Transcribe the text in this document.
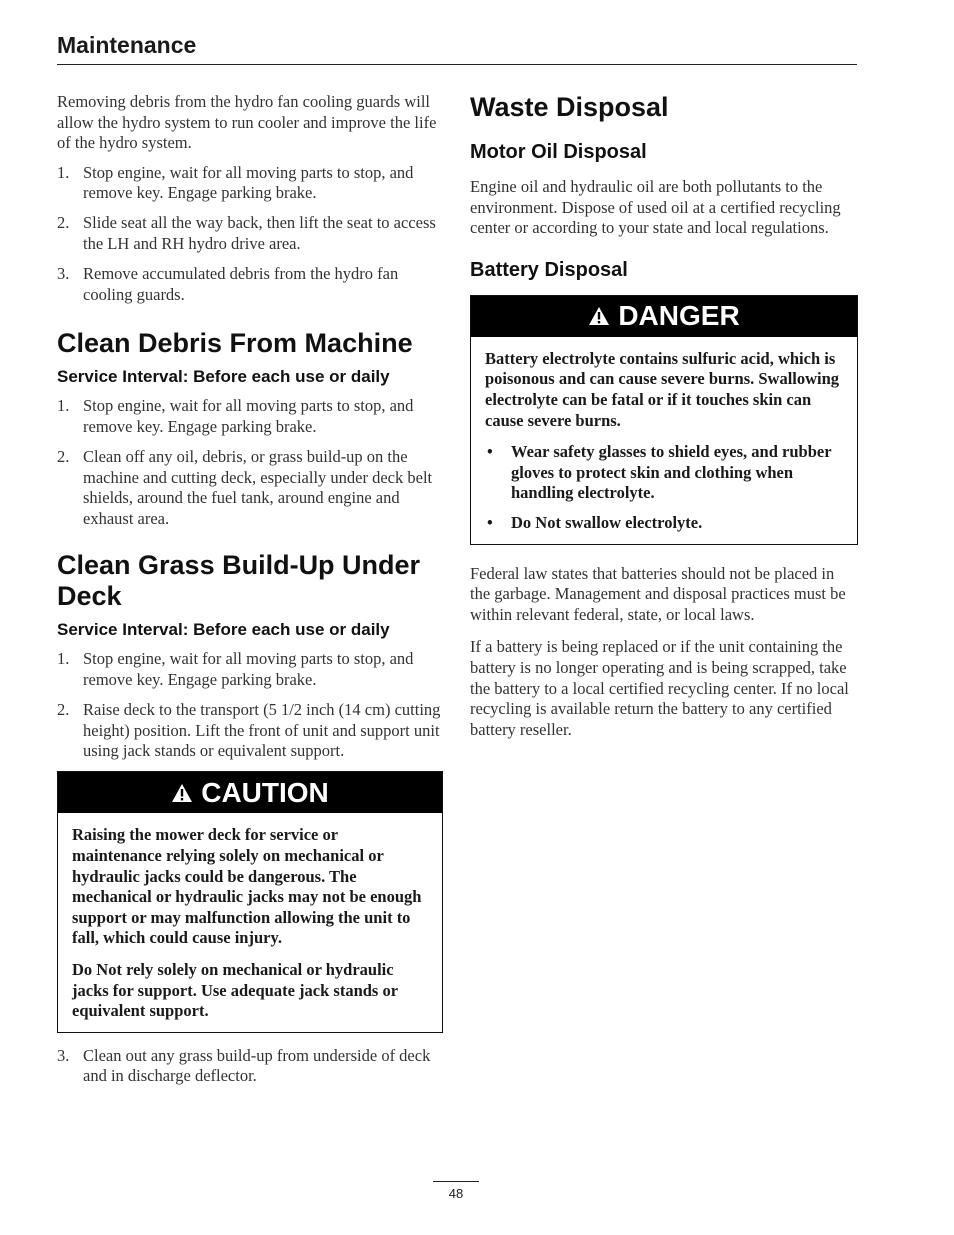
Maintenance

Removing debris from the hydro fan cooling guards will allow the hydro system to run cooler and improve the life of the hydro system.

1. Stop engine, wait for all moving parts to stop, and remove key. Engage parking brake.
2. Slide seat all the way back, then lift the seat to access the LH and RH hydro drive area.
3. Remove accumulated debris from the hydro fan cooling guards.
Clean Debris From Machine
Service Interval: Before each use or daily
1. Stop engine, wait for all moving parts to stop, and remove key. Engage parking brake.
2. Clean off any oil, debris, or grass build-up on the machine and cutting deck, especially under deck belt shields, around the fuel tank, around engine and exhaust area.
Clean Grass Build-Up Under Deck
Service Interval: Before each use or daily
1. Stop engine, wait for all moving parts to stop, and remove key. Engage parking brake.
2. Raise deck to the transport (5 1/2 inch (14 cm) cutting height) position. Lift the front of unit and support unit using jack stands or equivalent support.
CAUTION

Raising the mower deck for service or maintenance relying solely on mechanical or hydraulic jacks could be dangerous. The mechanical or hydraulic jacks may not be enough support or may malfunction allowing the unit to fall, which could cause injury.

Do Not rely solely on mechanical or hydraulic jacks for support. Use adequate jack stands or equivalent support.

3. Clean out any grass build-up from underside of deck and in discharge deflector.
Waste Disposal
Motor Oil Disposal

Engine oil and hydraulic oil are both pollutants to the environment. Dispose of used oil at a certified recycling center or according to your state and local regulations.

Battery Disposal
DANGER

Battery electrolyte contains sulfuric acid, which is poisonous and can cause severe burns. Swallowing electrolyte can be fatal or if it touches skin can cause severe burns.

• Wear safety glasses to shield eyes, and rubber gloves to protect skin and clothing when handling electrolyte.
• Do Not swallow electrolyte.

Federal law states that batteries should not be placed in the garbage. Management and disposal practices must be within relevant federal, state, or local laws.

If a battery is being replaced or if the unit containing the battery is no longer operating and is being scrapped, take the battery to a local certified recycling center. If no local recycling is available return the battery to any certified battery reseller.

48
